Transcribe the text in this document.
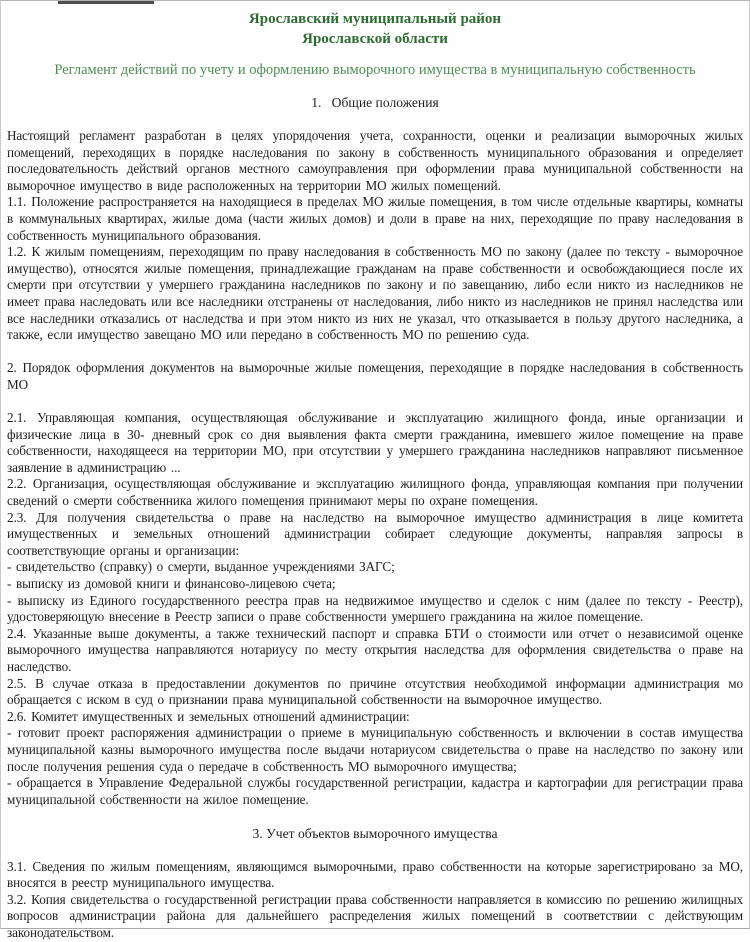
Ярославский муниципальный район
Ярославской области
Регламент действий по учету и оформлению выморочного имущества в муниципальную собственность
1.   Общие положения

Настоящий регламент разработан в целях упорядочения учета, сохранности, оценки и реализации выморочных жилых помещений, переходящих в порядке наследования по закону в собственность муниципального образования и определяет последовательность действий органов местного самоуправления при оформлении права муниципальной собственности на выморочное имущество в виде расположенных на территории МО жилых помещений.

1.1. Положение распространяется на находящиеся в пределах МО жилые помещения, в том числе отдельные квартиры, комнаты в коммунальных квартирах, жилые дома (части жилых домов) и доли в праве на них, переходящие по праву наследования в собственность муниципального образования.

1.2. К жилым помещениям, переходящим по праву наследования в собственность МО по закону (далее по тексту - выморочное имущество), относятся жилые помещения, принадлежащие гражданам на праве собственности и освобождающиеся после их смерти при отсутствии у умершего гражданина наследников по закону и по завещанию, либо если никто из наследников не имеет права наследовать или все наследники отстранены от наследования, либо никто из наследников не принял наследства или все наследники отказались от наследства и при этом никто из них не указал, что отказывается в пользу другого наследника, а также, если имущество завещано МО или передано в собственность МО по решению суда.

2. Порядок оформления документов на выморочные жилые помещения, переходящие в порядке наследования в собственность МО

2.1. Управляющая компания, осуществляющая обслуживание и эксплуатацию жилищного фонда, иные организации и физические лица в 30- дневный срок со дня выявления факта смерти гражданина, имевшего жилое помещение на праве собственности, находящееся на территории МО, при отсутствии у умершего гражданина наследников направляют письменное заявление в администрацию ...

2.2. Организация, осуществляющая обслуживание и эксплуатацию жилищного фонда, управляющая компания при получении сведений о смерти собственника жилого помещения принимают меры по охране помещения.

2.3. Для получения свидетельства о праве на наследство на выморочное имущество администрация в лице комитета имущественных и земельных отношений администрации собирает следующие документы, направляя запросы в соответствующие органы и организации:

- свидетельство (справку) о смерти, выданное учреждениями ЗАГС;

- выписку из домовой книги и финансово-лицевою счета;

- выписку из Единого государственного реестра прав на недвижимое имущество и сделок с ним (далее по тексту - Реестр), удостоверяющую внесение в Реестр записи о праве собственности умершего гражданина на жилое помещение.

2.4. Указанные выше документы, а также технический паспорт и справка БТИ о стоимости или отчет о независимой оценке выморочного имущества направляются нотариусу по месту открытия наследства для оформления свидетельства о праве на наследство.

2.5. В случае отказа в предоставлении документов по причине отсутствия необходимой информации администрация мо обращается с иском в суд о признании права муниципальной собственности на выморочное имущество.

2.6. Комитет имущественных и земельных отношений администрации:

- готовит проект распоряжения администрации о приеме в муниципальную собственность и включении в состав имущества муниципальной казны выморочного имущества после выдачи нотариусом свидетельства о праве на наследство по закону или после получения решения суда о передаче в собственность МО выморочного имущества;

- обращается в Управление Федеральной службы государственной регистрации, кадастра и картографии для регистрации права муниципальной собственности на жилое помещение.

3. Учет объектов выморочного имущества

3.1. Сведения по жилым помещениям, являющимся выморочными, право собственности на которые зарегистрировано за МО, вносятся в реестр муниципального имущества.

3.2. Копия свидетельства о государственной регистрации права собственности направляется в комиссию по решению жилищных вопросов администрации района для дальнейшего распределения жилых помещений в соответствии с действующим законодательством.
